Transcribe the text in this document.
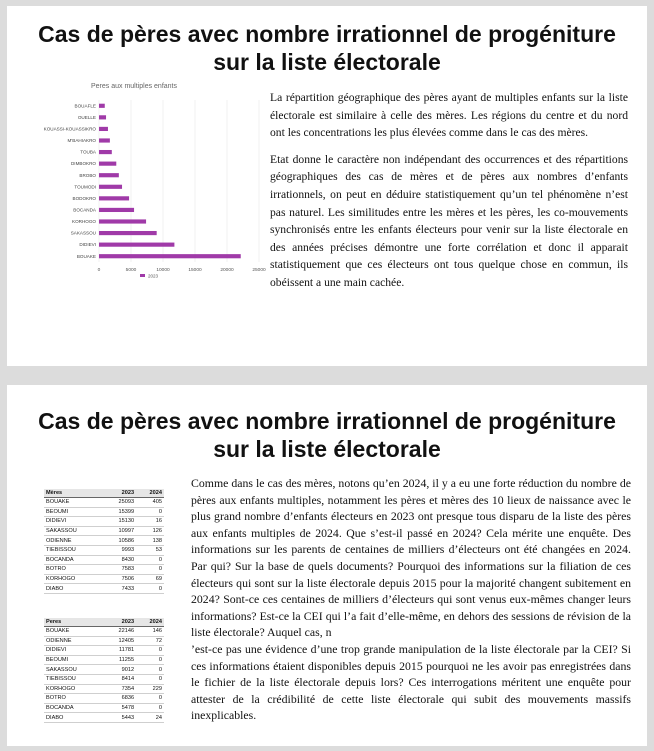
Cas de pères avec nombre irrationnel de progéniture
sur la liste électorale
Peres aux multiples enfants
BOUAKE
DIDIEVI
SAKASSOU
KORHOGO
BOCANDA
BODOKRO
TOUMODI
BROBO
DIMBOKRO
TOUBA
M'BAHIAKRO
KOUASSI-KOUASSIKRO
OUELLE
BOUAFLE
0	5000	10000	15000	20000	25000
2023

La répartition géographique des pères ayant de multiples enfants sur la liste électorale est similaire à celle des mères. Les régions du centre et du nord ont les concentrations les plus élevées comme dans le cas des mères.

Etat donne le caractère non indépendant des occurrences et des répartitions géographiques des cas de mères et de pères aux nombres d’enfants irrationnels, on peut en déduire statistiquement qu’un tel phénomène n’est pas naturel. Les similitudes entre les mères et les pères, les co-mouvements synchronisés entre les enfants électeurs pour venir sur la liste électorale en des années précises démontre une forte corrélation et donc il apparait statistiquement que ces électeurs ont tous quelque chose en commun, ils obéissent a une main cachée.

Cas de pères avec nombre irrationnel de progéniture
sur la liste électorale
Mères	2023	2024
BOUAKE	25093	405
BEOUMI	15399	0
DIDIEVI	15130	16
SAKASSOU	10997	126
ODIENNE	10586	138
TIEBISSOU	9993	53
BOCANDA	8430	0
BOTRO	7583	0
KORHOGO	7506	69
DIABO	7433	0
Peres	2023	2024
BOUAKE	22146	146
ODIENNE	12405	72
DIDIEVI	11781	0
BEOUMI	11255	0
SAKASSOU	9012	0
TIEBISSOU	8414	0
KORHOGO	7354	229
BOTRO	6836	0
BOCANDA	5478	0
DIABO	5443	24

Comme dans le cas des mères, notons qu’en 2024, il y a eu une forte réduction du nombre de pères aux enfants multiples, notamment les pères et mères des 10 lieux de naissance avec le plus grand nombre d’enfants électeurs en 2023 ont presque tous disparu de la liste des pères aux enfants multiples de 2024. Que s’est-il passé en 2024? Cela mérite une enquête. Des informations sur les parents de centaines de milliers d’électeurs ont été changées en 2024. Par qui? Sur la base de quels documents? Pourquoi des informations sur la filiation de ces électeurs qui sont sur la liste électorale depuis 2015 pour la majorité changent subitement en 2024? Sont-ce ces centaines de milliers d’électeurs qui sont venus eux-mêmes changer leurs informations? Est-ce la CEI qui l’a fait d’elle-même, en dehors des sessions de révision de la liste électorale? Auquel cas, n

’est-ce pas une évidence d’une trop grande manipulation de la liste électorale par la CEI? Si ces informations étaient disponibles depuis 2015 pourquoi ne les avoir pas enregistrées dans le fichier de la liste électorale depuis lors? Ces interrogations méritent une enquête pour attester de la crédibilité de cette liste électorale qui subit des mouvements massifs inexplicables.
